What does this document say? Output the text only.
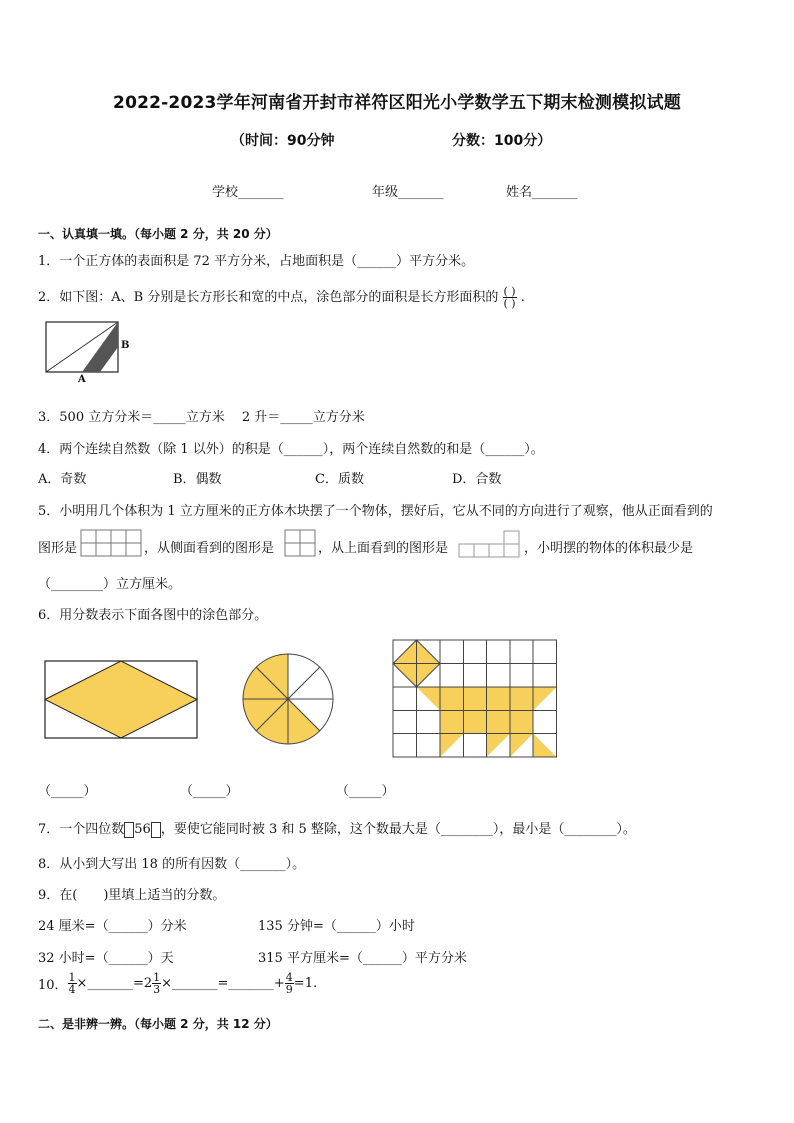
2022-2023学年河南省开封市祥符区阳光小学数学五下期末检测模拟试题
（时间：90分钟	分数：100分）
学校_______	年级_______	姓名_______
一、认真填一填。（每小题 2 分，共 20 分）
1．一个正方体的表面积是 72 平方分米，占地面积是（______）平方分米。
2．如下图：A、B 分别是长方形长和宽的中点，涂色部分的面积是长方形面积的 $\frac{( )}{( )}$ .
A
B
3．500 立方分米＝_____立方米　 2 升＝_____立方分米
4．两个连续自然数（除 1 以外）的积是（______），两个连续自然数的和是（______）。
A．奇数	B．偶数	C．质数	D．合数
5．小明用几个体积为 1 立方厘米的正方体木块摆了一个物体，摆好后，它从不同的方向进行了观察，他从正面看到的
图形是	，从侧面看到的图形是	，从上面看到的图形是	，小明摆的物体的体积最少是
（________）立方厘米。
6．用分数表示下面各图中的涂色部分。
（_____）	（_____）	（_____）
7．一个四位数 56 ，要使它能同时被 3 和 5 整除，这个数最大是（________），最小是（________）。
8．从小到大写出 18 的所有因数（_______）。
9．在(　　)里填上适当的分数。
24 厘米=（______）分米	135 分钟=（______）小时
32 小时=（______）天	315 平方厘米=（______）平方分米
10． $\frac{1}{4}$ ×_______=2 $\frac{1}{3}$ ×_______=_______+ $\frac{4}{9} =1$.
二、是非辨一辨。（每小题 2 分，共 12 分）
